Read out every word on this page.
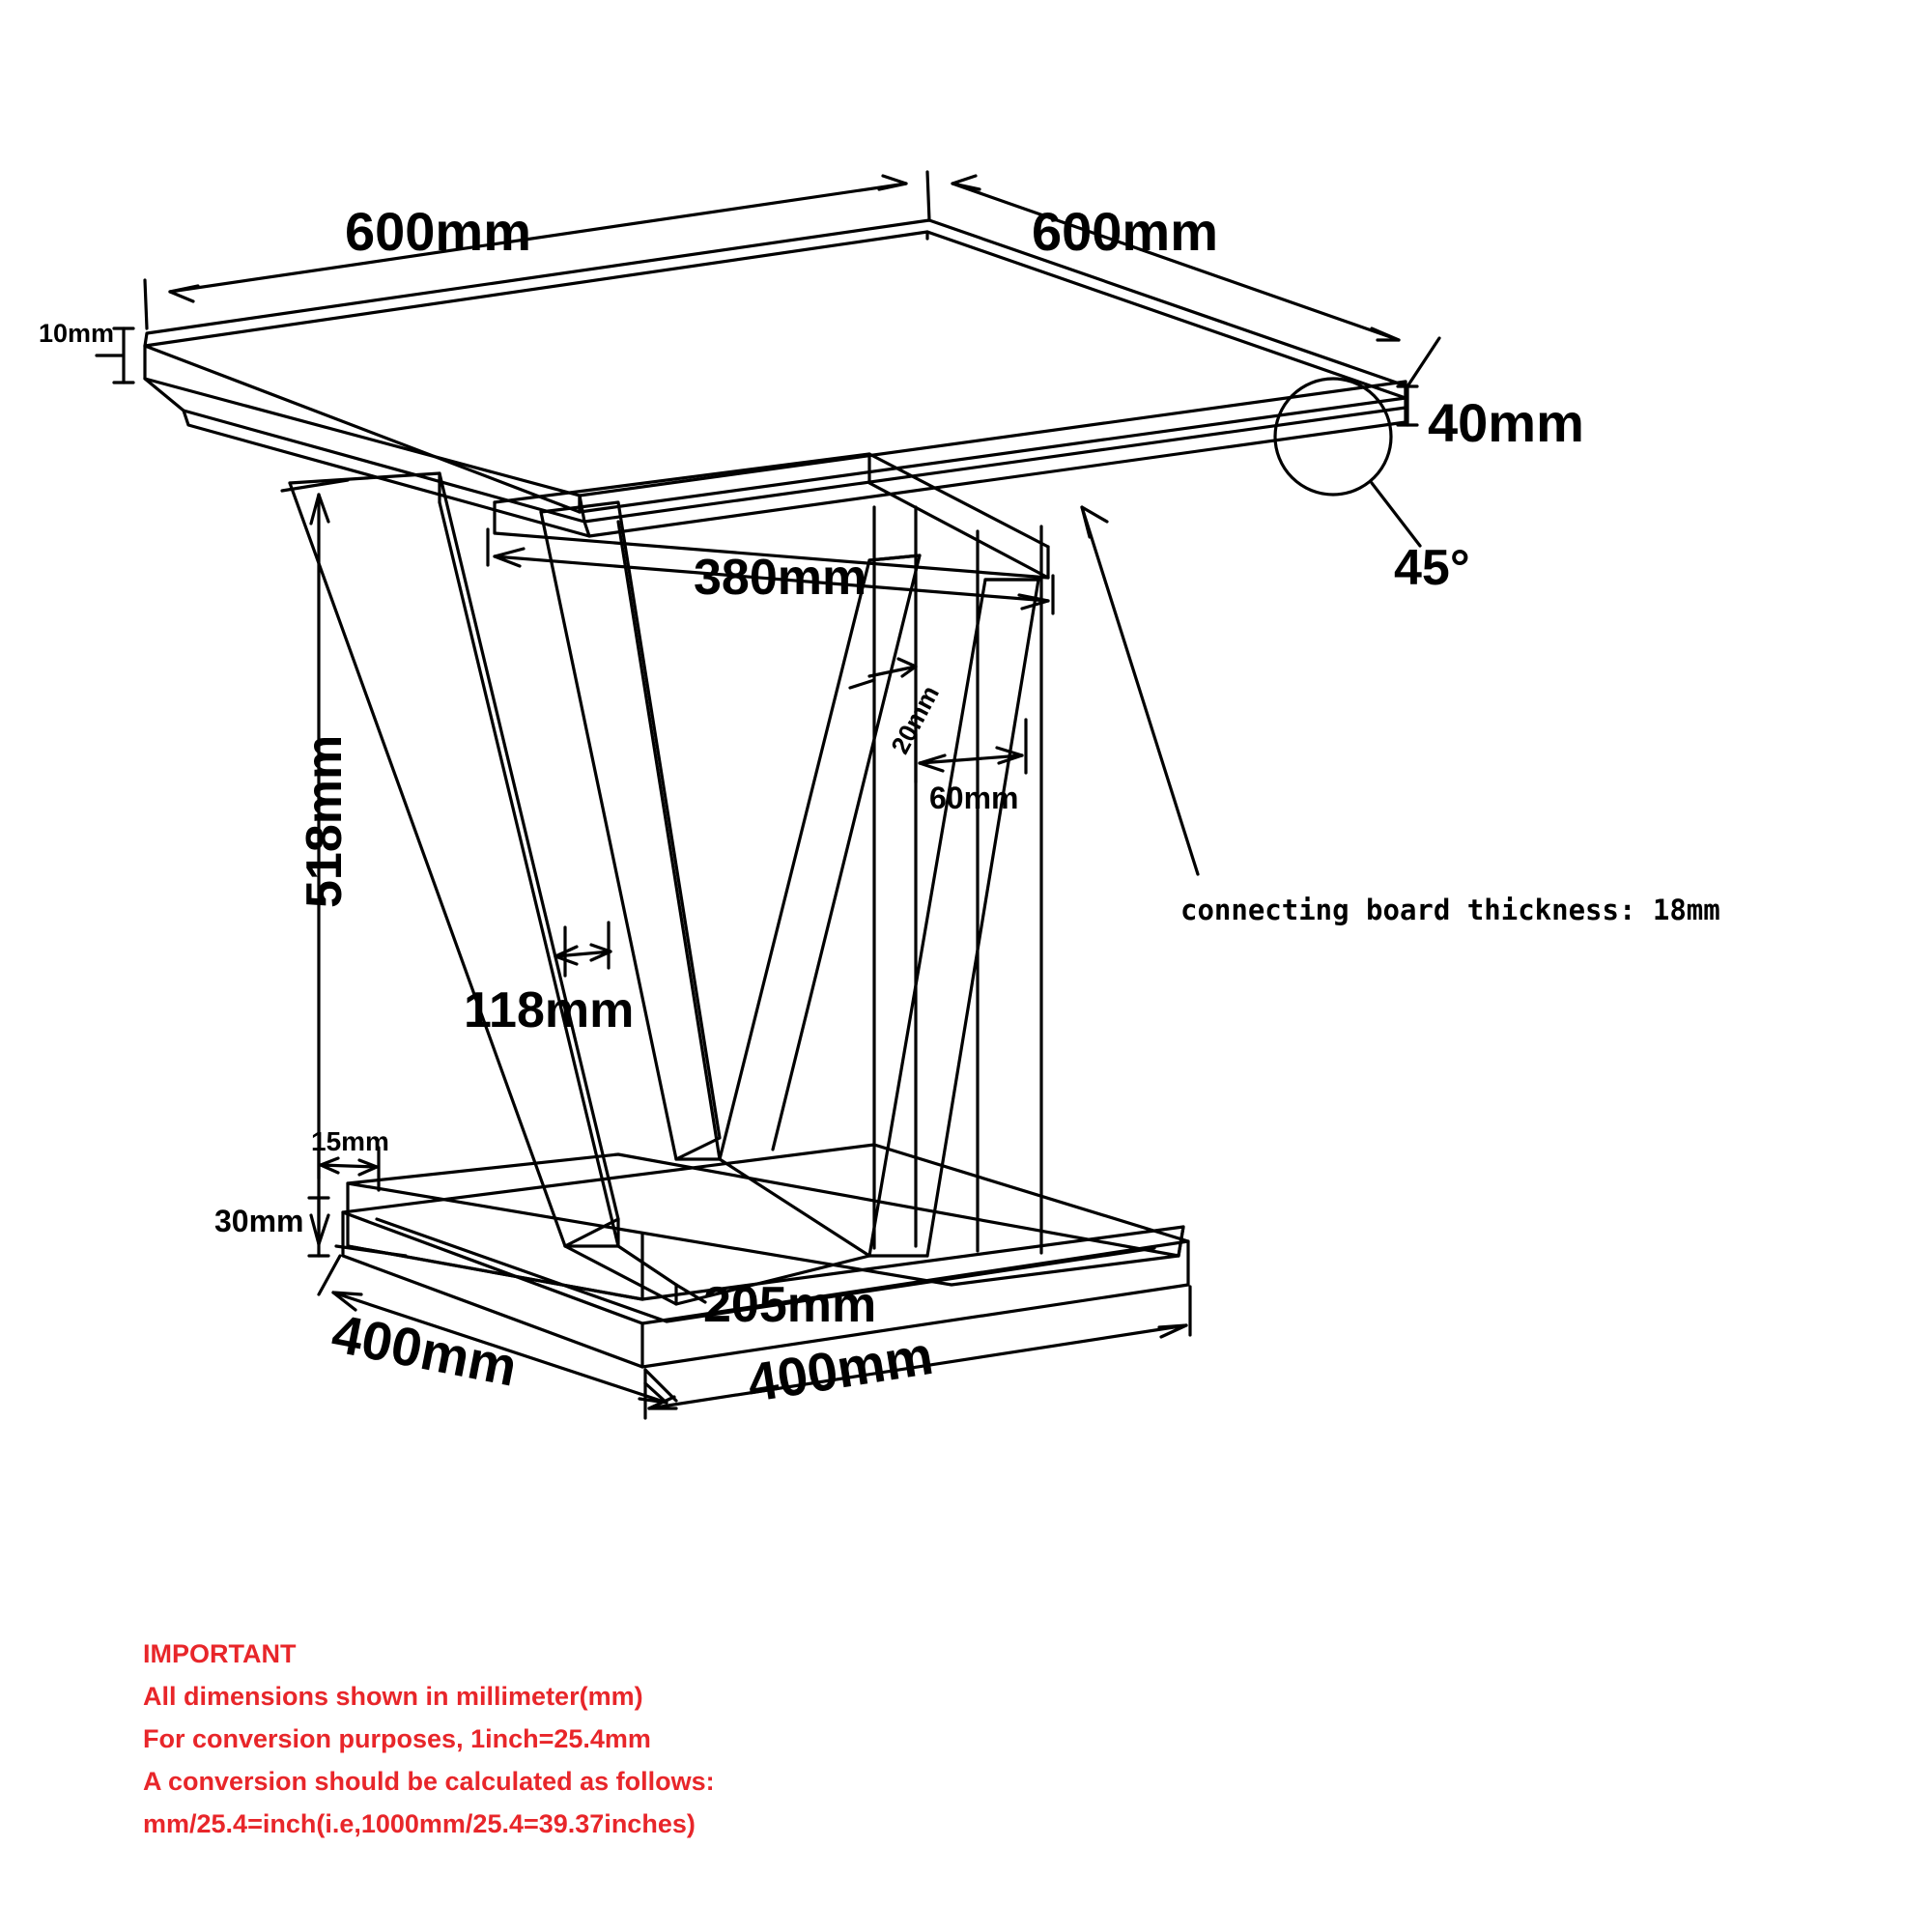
600mm	600mm
10mm
40mm
45°
380mm
20mm
60mm
518mm
118mm
15mm
30mm
205mm
400mm	400mm
connecting board thickness: 18mm
IMPORTANT
All dimensions shown in millimeter(mm)
For conversion purposes, 1inch=25.4mm
A conversion should be calculated as follows:
mm/25.4=inch(i.e,1000mm/25.4=39.37inches)
